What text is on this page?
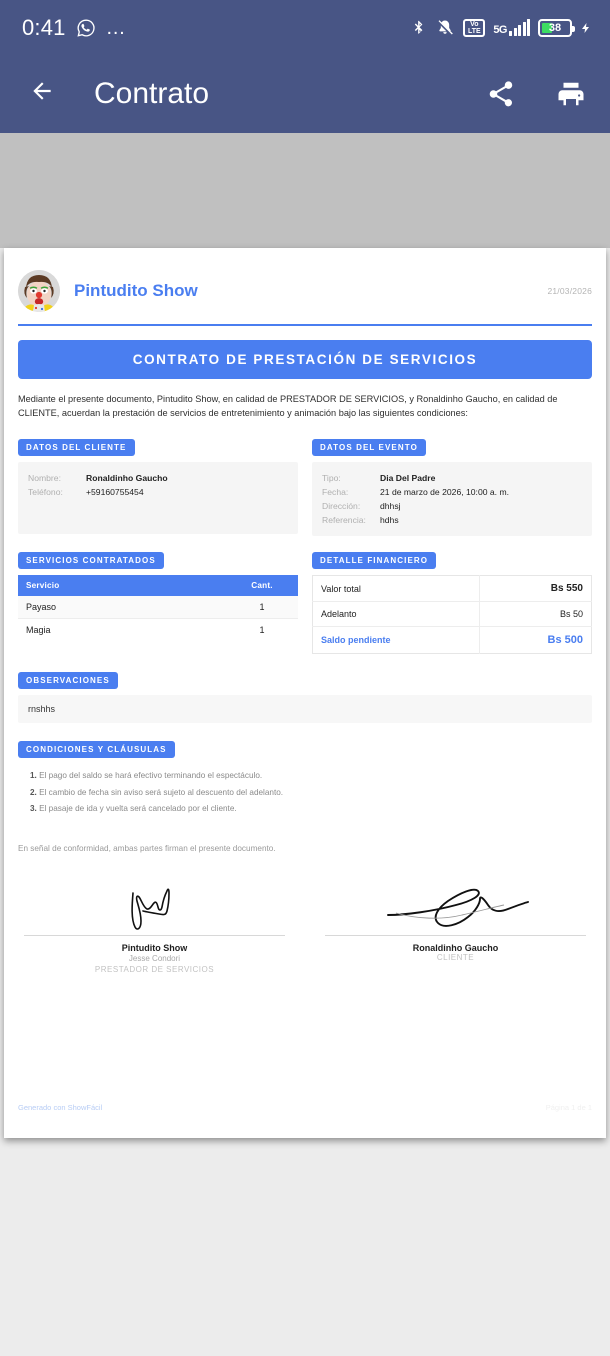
0:41 …	Vo
LTE 5G	38
Contrato
Pintudito Show	21/03/2026
CONTRATO DE PRESTACIÓN DE SERVICIOS

Mediante el presente documento, Pintudito Show, en calidad de PRESTADOR DE SERVICIOS, y Ronaldinho Gaucho, en calidad de CLIENTE, acuerdan la prestación de servicios de entretenimiento y animación bajo las siguientes condiciones:

DATOS DEL CLIENTE
Nombre:	Ronaldinho Gaucho
Teléfono:	+59160755454
DATOS DEL EVENTO
Tipo:	Dia Del Padre
Fecha:	21 de marzo de 2026, 10:00 a. m.
Dirección:	dhhsj
Referencia:	hdhs
SERVICIOS CONTRATADOS
Servicio	Cant.
Payaso	1
Magia	1
DETALLE FINANCIERO
Valor total	Bs 550
Adelanto	Bs 50
Saldo pendiente	Bs 500
OBSERVACIONES
rnshhs
CONDICIONES Y CLÁUSULAS
1. El pago del saldo se hará efectivo terminando el espectáculo.
2. El cambio de fecha sin aviso será sujeto al descuento del adelanto.
3. El pasaje de ida y vuelta será cancelado por el cliente.
En señal de conformidad, ambas partes firman el presente documento.
Pintudito Show
Jesse Condori
PRESTADOR DE SERVICIOS
Ronaldinho Gaucho
CLIENTE
Generado con ShowFácil	Página 1 de 1
